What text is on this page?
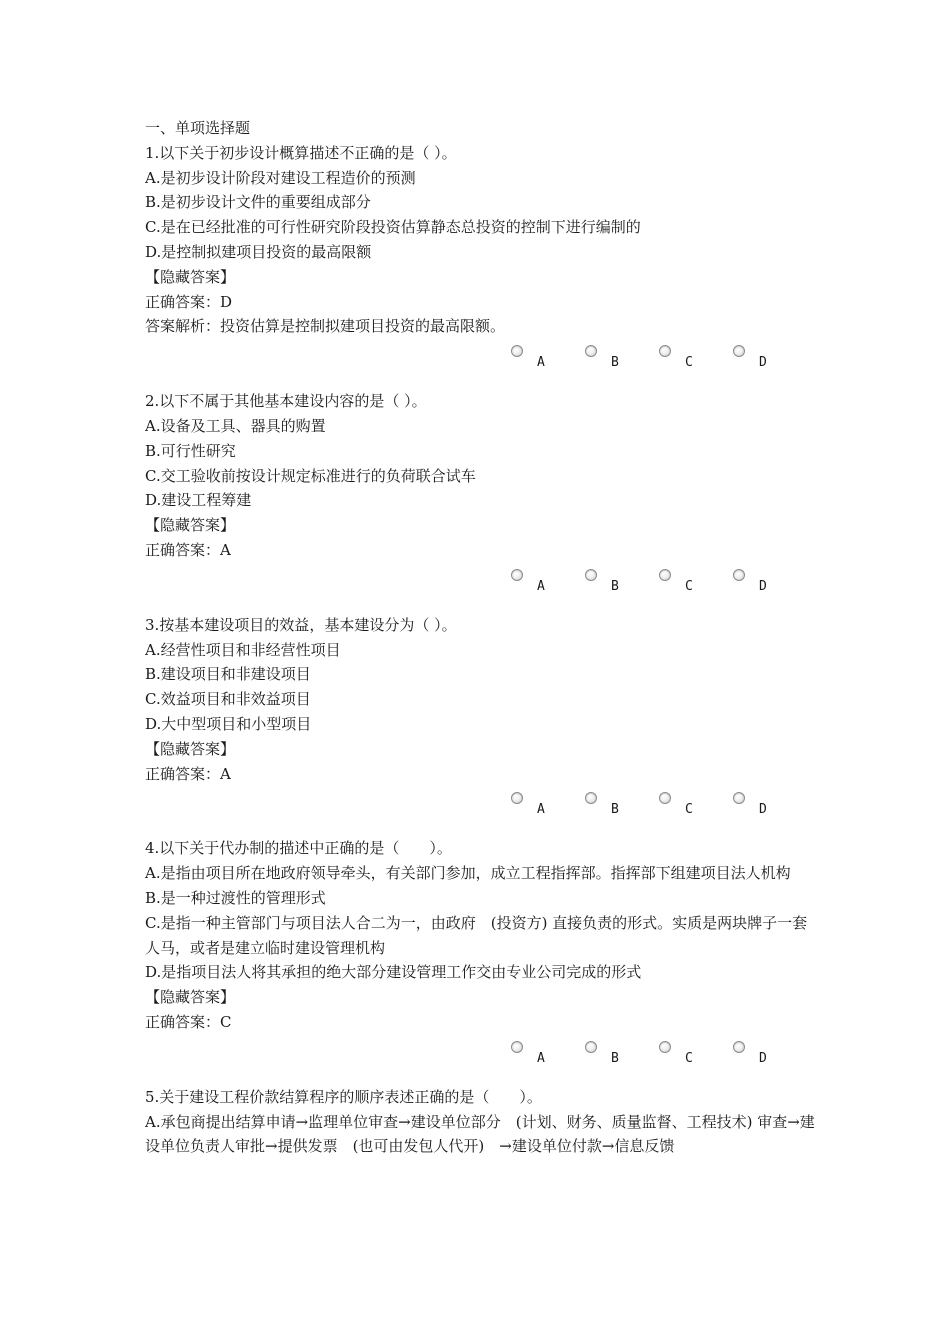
一、单项选择题
1.以下关于初步设计概算描述不正确的是（ ）。
A.是初步设计阶段对建设工程造价的预测
B.是初步设计文件的重要组成部分
C.是在已经批准的可行性研究阶段投资估算静态总投资的控制下进行编制的
D.是控制拟建项目投资的最高限额
【隐藏答案】
正确答案：D
答案解析：投资估算是控制拟建项目投资的最高限额。
A	B	C	D
2.以下不属于其他基本建设内容的是（ ）。
A.设备及工具、器具的购置
B.可行性研究
C.交工验收前按设计规定标准进行的负荷联合试车
D.建设工程筹建
【隐藏答案】
正确答案：A
A	B	C	D
3.按基本建设项目的效益，基本建设分为（ ）。
A.经营性项目和非经营性项目
B.建设项目和非建设项目
C.效益项目和非效益项目
D.大中型项目和小型项目
【隐藏答案】
正确答案：A
A	B	C	D
4.以下关于代办制的描述中正确的是（　　）。
A.是指由项目所在地政府领导牵头，有关部门参加，成立工程指挥部。指挥部下组建项目法人机构
B.是一种过渡性的管理形式
C.是指一种主管部门与项目法人合二为一，由政府　(投资方) 直接负责的形式。实质是两块牌子一套人马，或者是建立临时建设管理机构
D.是指项目法人将其承担的绝大部分建设管理工作交由专业公司完成的形式
【隐藏答案】
正确答案：C
A	B	C	D
5.关于建设工程价款结算程序的顺序表述正确的是（　　）。
A.承包商提出结算申请→监理单位审查→建设单位部分　(计划、财务、质量监督、工程技术) 审查→建设单位负责人审批→提供发票　(也可由发包人代开)　→建设单位付款→信息反馈
